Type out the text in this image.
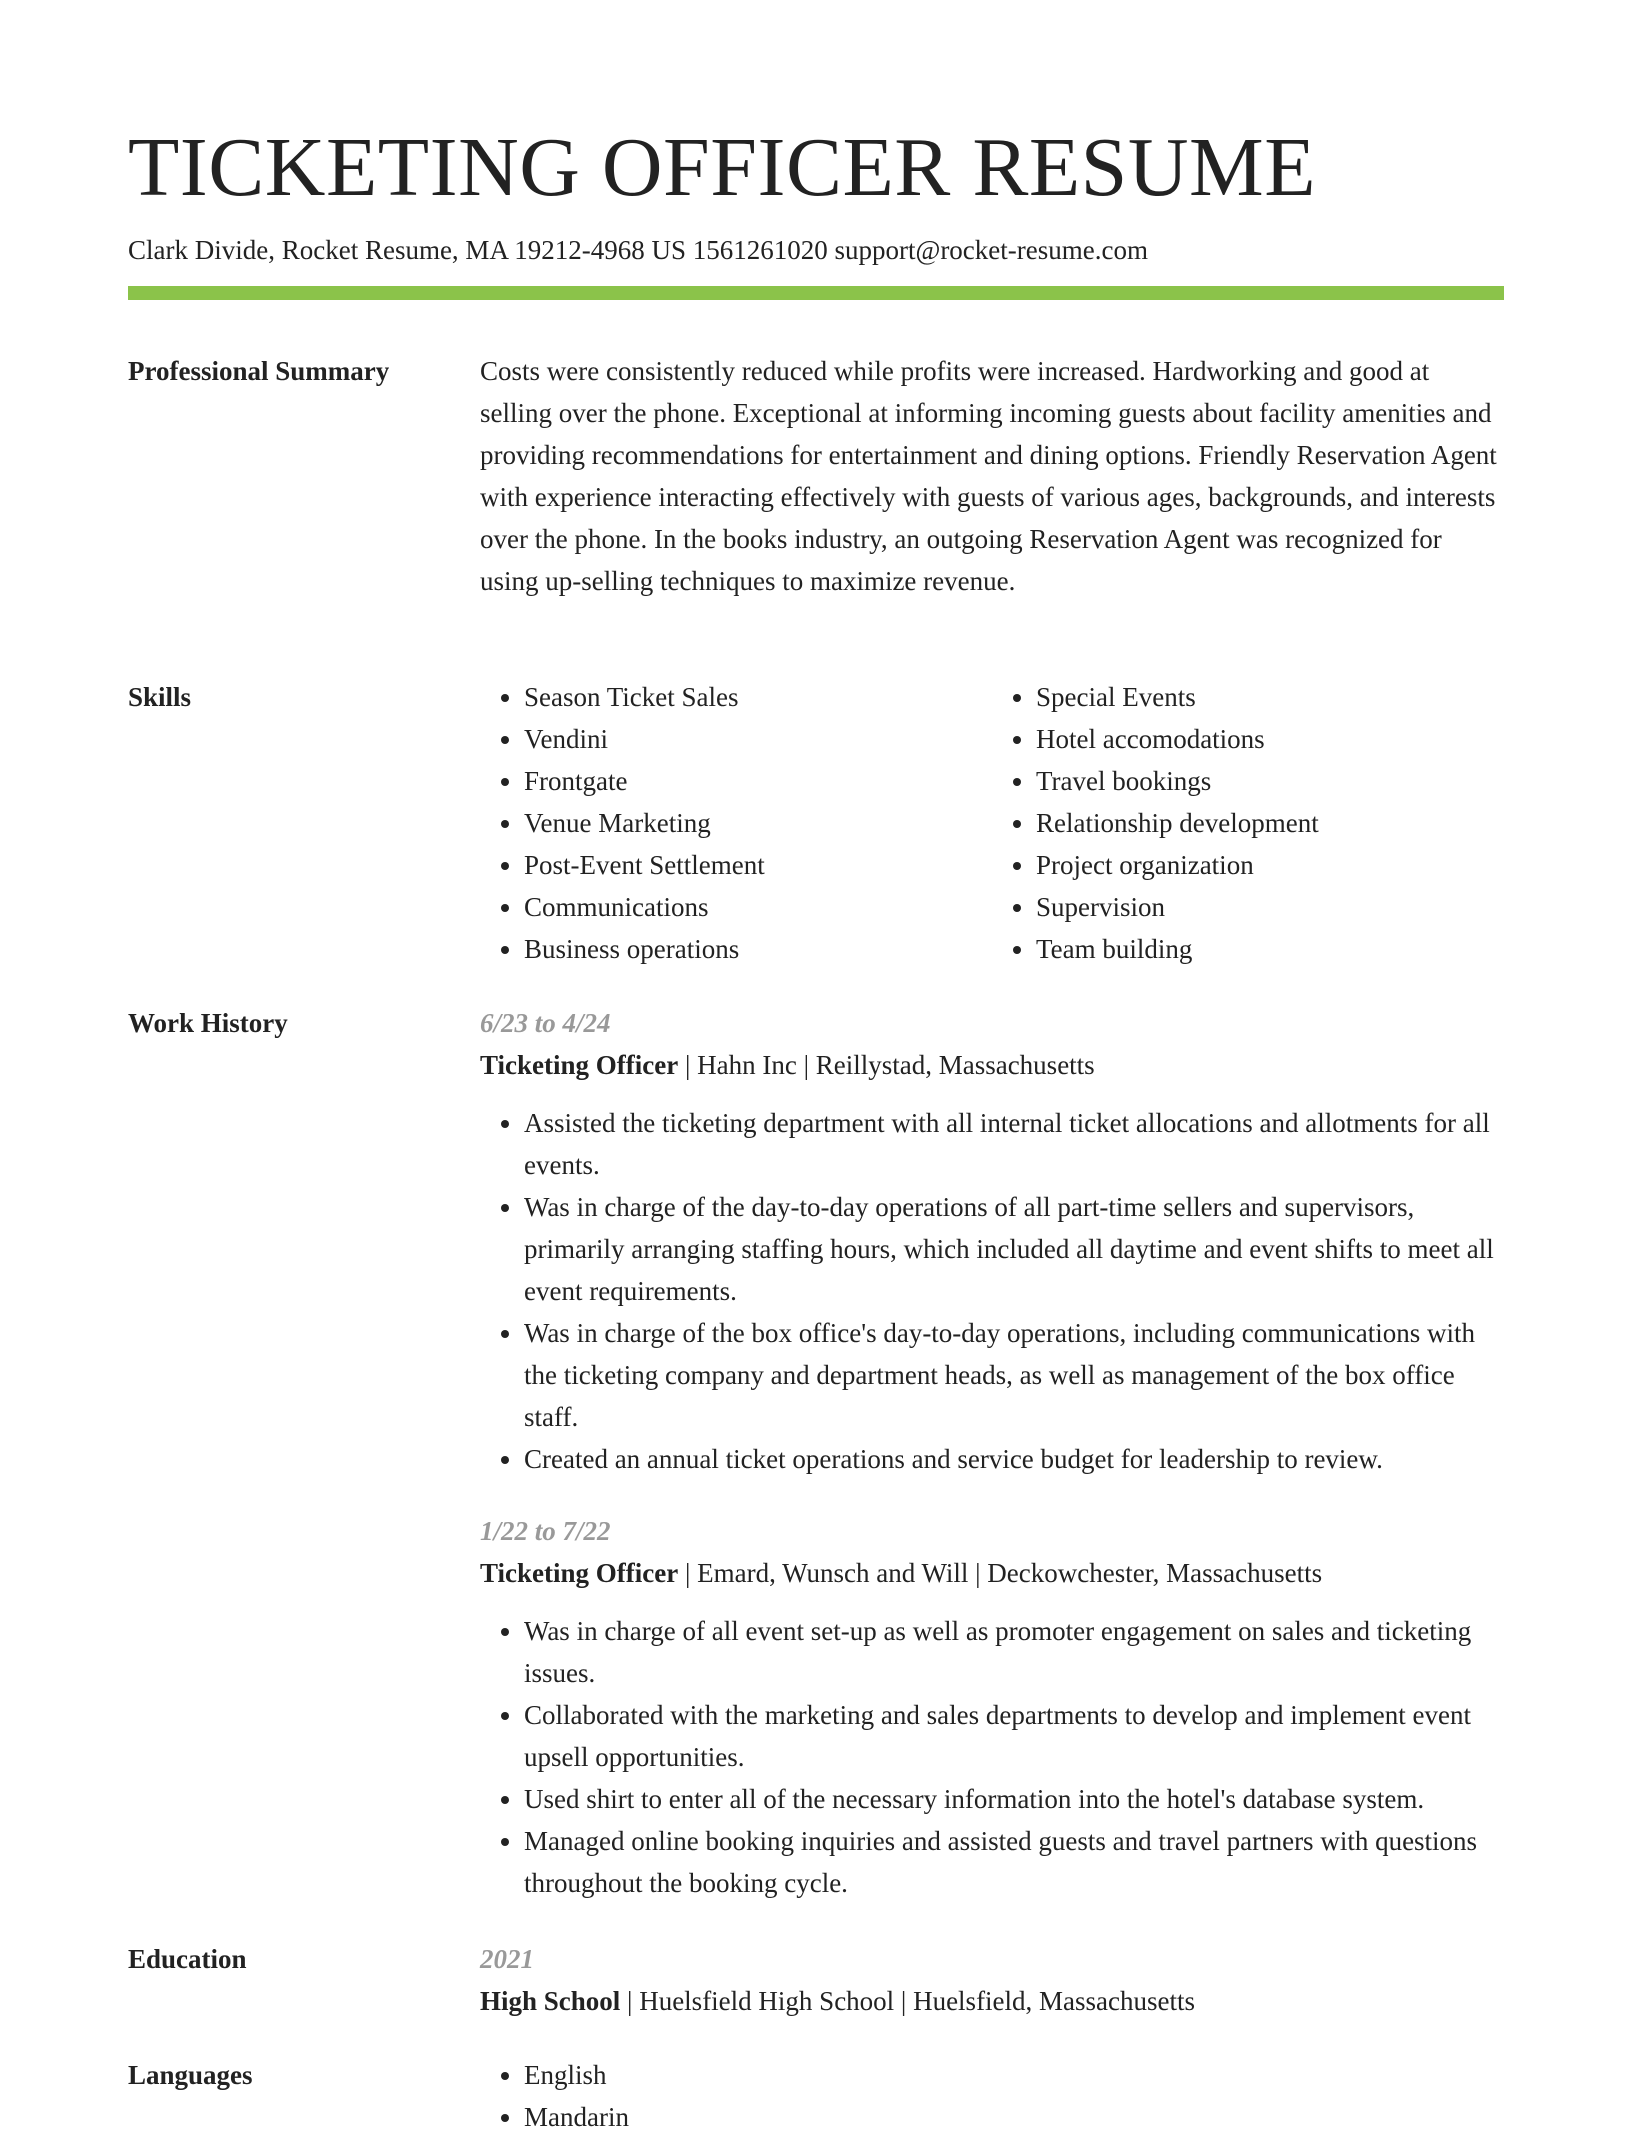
TICKETING OFFICER RESUME
Clark Divide, Rocket Resume, MA 19212-4968 US 1561261020 support@rocket-resume.com
Professional Summary	Costs were consistently reduced while profits were increased. Hardworking and good at selling over the phone. Exceptional at informing incoming guests about facility amenities and providing recommendations for entertainment and dining options. Friendly Reservation Agent with experience interacting effectively with guests of various ages, backgrounds, and interests over the phone. In the books industry, an outgoing Reservation Agent was recognized for using up-selling techniques to maximize revenue.

Skills	• Season Ticket Sales
• Vendini
• Frontgate
• Venue Marketing
• Post-Event Settlement
• Communications
• Business operations
• Special Events
• Hotel accomodations
• Travel bookings
• Relationship development
• Project organization
• Supervision
• Team building
Work History	6/23 to 4/24
Ticketing Officer | Hahn Inc | Reillystad, Massachusetts
• Assisted the ticketing department with all internal ticket allocations and allotments for all events.
• Was in charge of the day-to-day operations of all part-time sellers and supervisors, primarily arranging staffing hours, which included all daytime and event shifts to meet all event requirements.
• Was in charge of the box office's day-to-day operations, including communications with the ticketing company and department heads, as well as management of the box office staff.
• Created an annual ticket operations and service budget for leadership to review.
1/22 to 7/22
Ticketing Officer | Emard, Wunsch and Will | Deckowchester, Massachusetts
• Was in charge of all event set-up as well as promoter engagement on sales and ticketing issues.
• Collaborated with the marketing and sales departments to develop and implement event upsell opportunities.
• Used shirt to enter all of the necessary information into the hotel's database system.
• Managed online booking inquiries and assisted guests and travel partners with questions throughout the booking cycle.
Education	2021
High School | Huelsfield High School | Huelsfield, Massachusetts
Languages	• English
• Mandarin
